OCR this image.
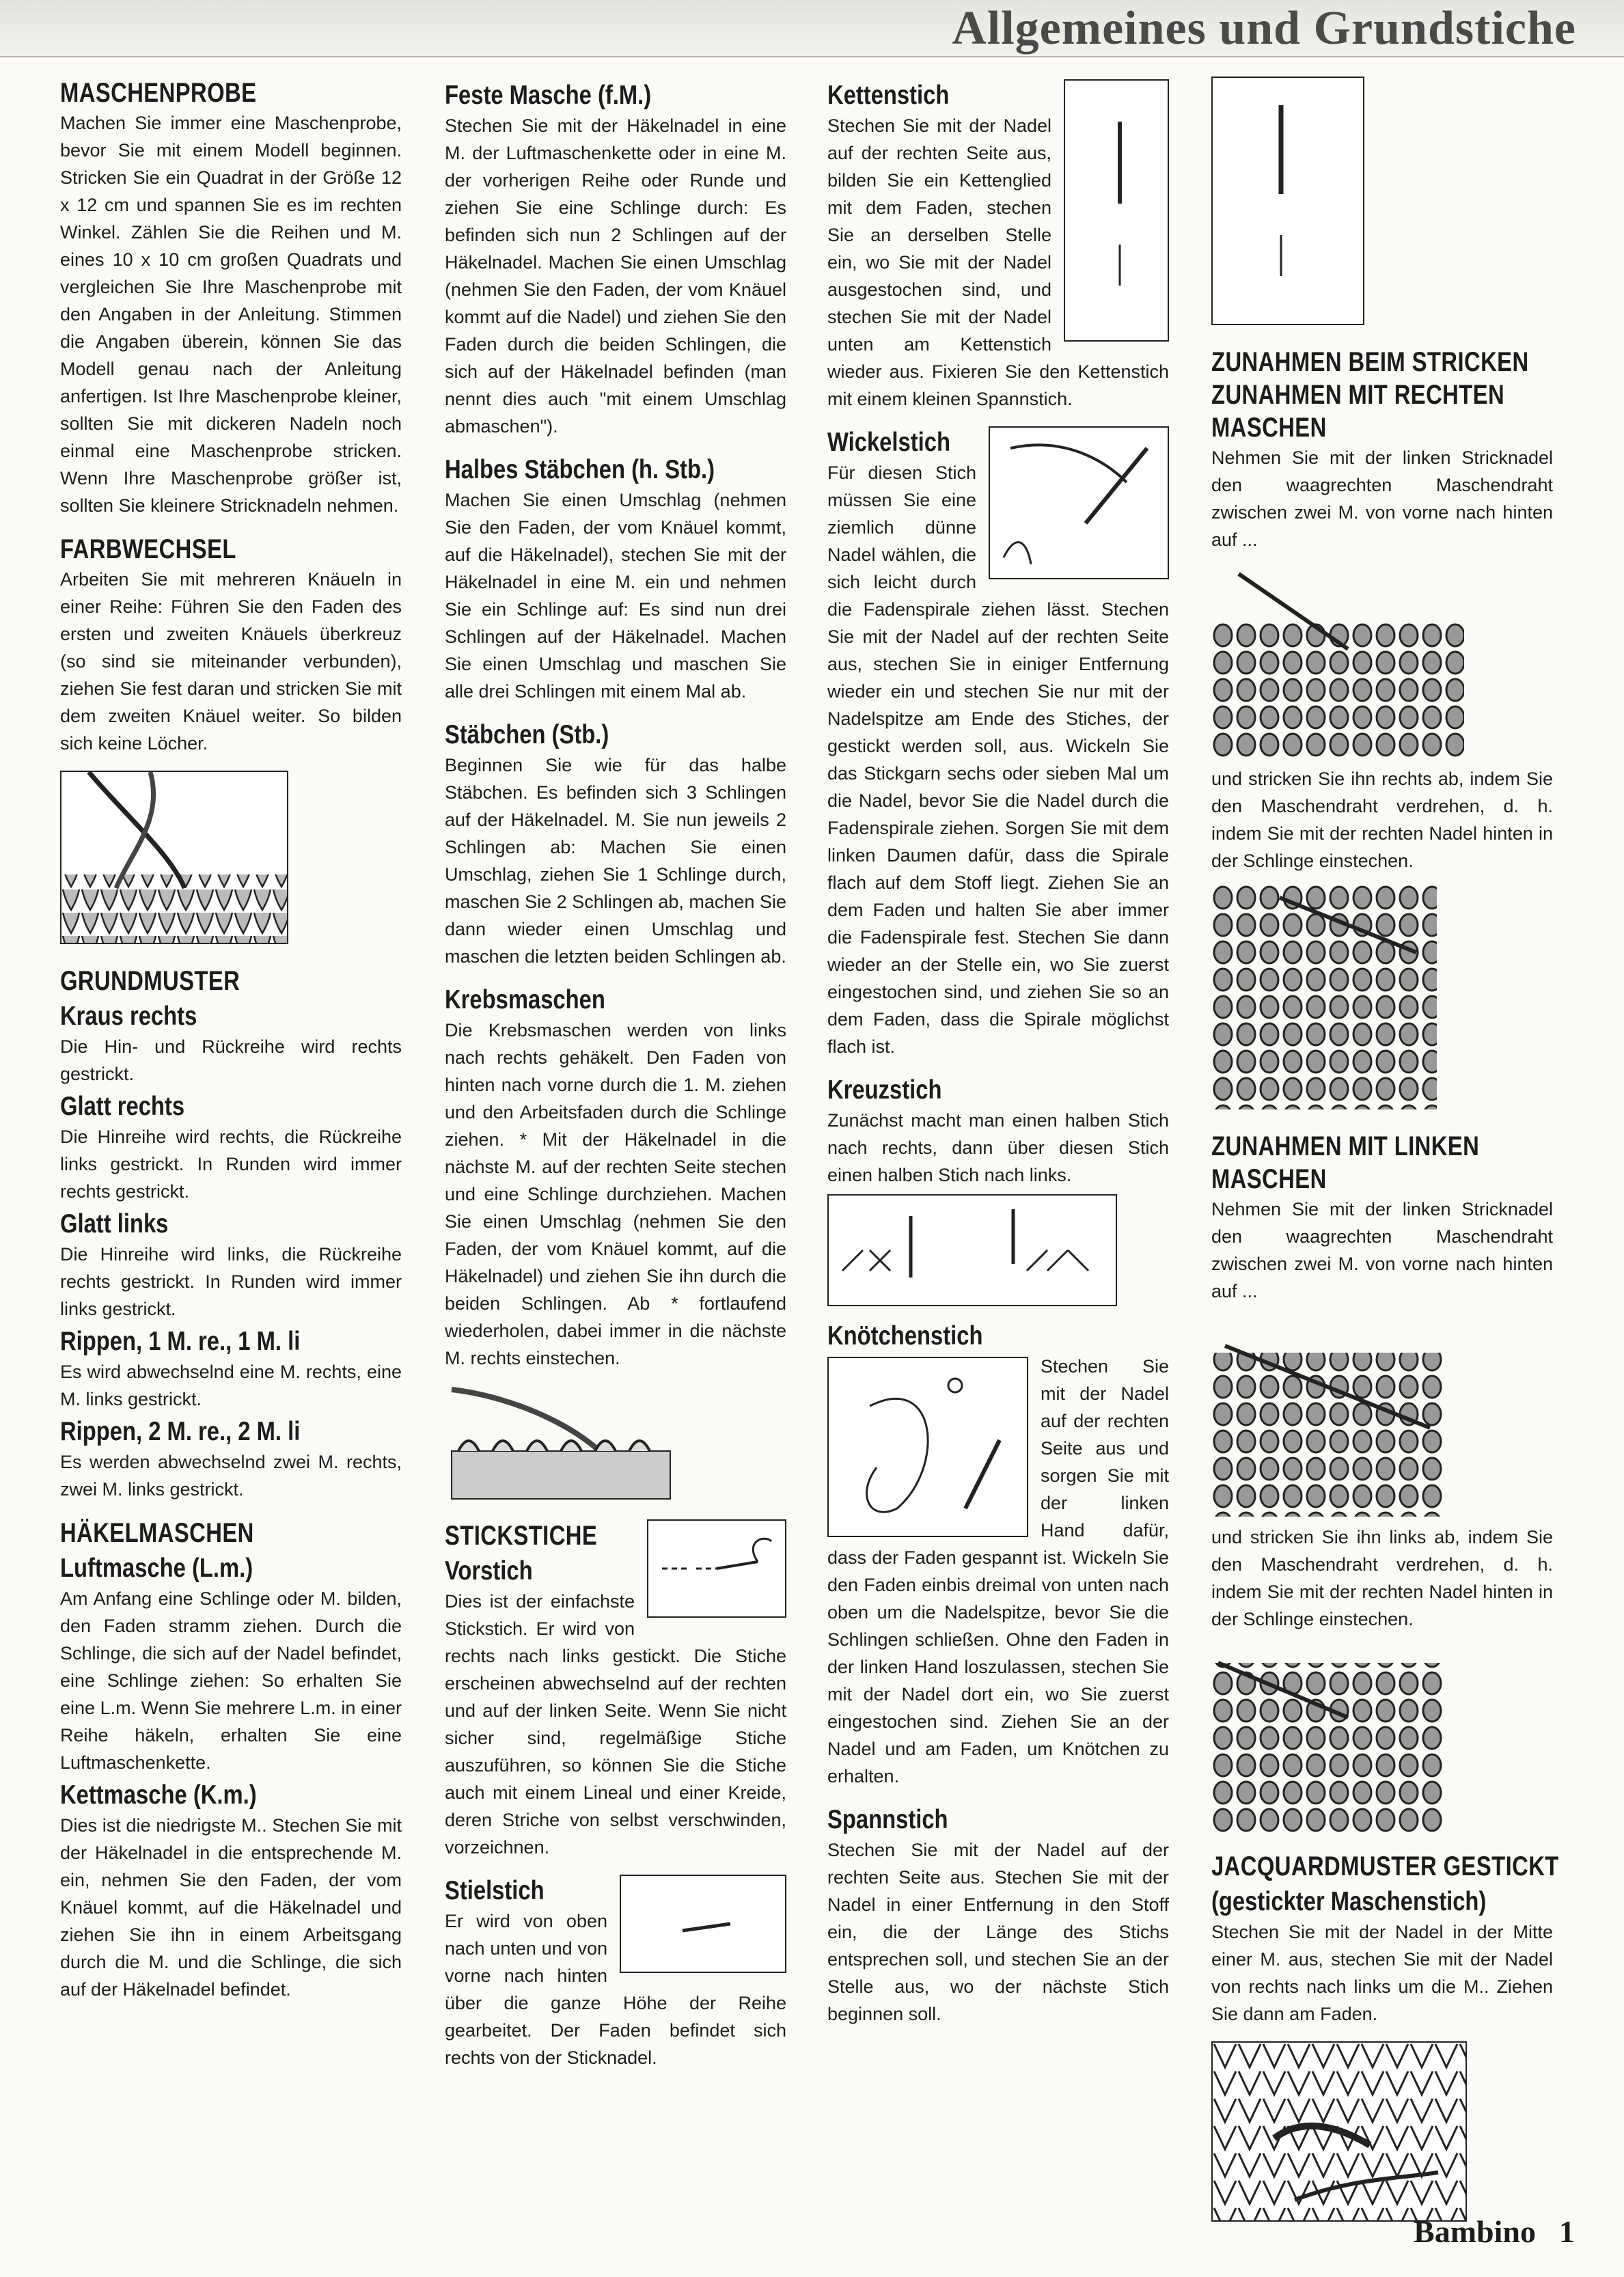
Allgemeines und Grundstiche
MASCHENPROBE

Machen Sie immer eine Maschenprobe, bevor Sie mit einem Modell beginnen. Stricken Sie ein Quadrat in der Größe 12 x 12 cm und spannen Sie es im rechten Winkel. Zählen Sie die Reihen und M. eines 10 x 10 cm großen Quadrats und vergleichen Sie Ihre Maschenprobe mit den Angaben in der Anleitung. Stimmen die Angaben überein, können Sie das Modell genau nach der Anleitung anfertigen. Ist Ihre Maschenprobe kleiner, sollten Sie mit dickeren Nadeln noch einmal eine Maschenprobe stricken. Wenn Ihre Maschenprobe größer ist, sollten Sie kleinere Stricknadeln nehmen.

FARBWECHSEL

Arbeiten Sie mit mehreren Knäueln in einer Reihe: Führen Sie den Faden des ersten und zweiten Knäuels überkreuz (so sind sie miteinander verbunden), ziehen Sie fest daran und stricken Sie mit dem zweiten Knäuel weiter. So bilden sich keine Löcher.

GRUNDMUSTER
Kraus rechts

Die Hin- und Rückreihe wird rechts gestrickt.

Glatt rechts

Die Hinreihe wird rechts, die Rückreihe links gestrickt. In Runden wird immer rechts gestrickt.

Glatt links

Die Hinreihe wird links, die Rückreihe rechts gestrickt. In Runden wird immer links gestrickt.

Rippen, 1 M. re., 1 M. li

Es wird abwechselnd eine M. rechts, eine M. links gestrickt.

Rippen, 2 M. re., 2 M. li

Es werden abwechselnd zwei M. rechts, zwei M. links gestrickt.

HÄKELMASCHEN
Luftmasche (L.m.)

Am Anfang eine Schlinge oder M. bilden, den Faden stramm ziehen. Durch die Schlinge, die sich auf der Nadel befindet, eine Schlinge ziehen: So erhalten Sie eine L.m. Wenn Sie mehrere L.m. in einer Reihe häkeln, erhalten Sie eine Luftmaschenkette.

Kettmasche (K.m.)

Dies ist die niedrigste M.. Stechen Sie mit der Häkelnadel in die entsprechende M. ein, nehmen Sie den Faden, der vom Knäuel kommt, auf die Häkelnadel und ziehen Sie ihn in einem Arbeitsgang durch die M. und die Schlinge, die sich auf der Häkelnadel befindet.

Feste Masche (f.M.)

Stechen Sie mit der Häkelnadel in eine M. der Luftmaschenkette oder in eine M. der vorherigen Reihe oder Runde und ziehen Sie eine Schlinge durch: Es befinden sich nun 2 Schlingen auf der Häkelnadel. Machen Sie einen Umschlag (nehmen Sie den Faden, der vom Knäuel kommt auf die Nadel) und ziehen Sie den Faden durch die beiden Schlingen, die sich auf der Häkelnadel befinden (man nennt dies auch "mit einem Umschlag abmaschen").

Halbes Stäbchen (h. Stb.)

Machen Sie einen Umschlag (nehmen Sie den Faden, der vom Knäuel kommt, auf die Häkelnadel), stechen Sie mit der Häkelnadel in eine M. ein und nehmen Sie ein Schlinge auf: Es sind nun drei Schlingen auf der Häkelnadel. Machen Sie einen Umschlag und maschen Sie alle drei Schlingen mit einem Mal ab.

Stäbchen (Stb.)

Beginnen Sie wie für das halbe Stäbchen. Es befinden sich 3 Schlingen auf der Häkelnadel. M. Sie nun jeweils 2 Schlingen ab: Machen Sie einen Umschlag, ziehen Sie 1 Schlinge durch, maschen Sie 2 Schlingen ab, machen Sie dann wieder einen Umschlag und maschen die letzten beiden Schlingen ab.

Krebsmaschen

Die Krebsmaschen werden von links nach rechts gehäkelt. Den Faden von hinten nach vorne durch die 1. M. ziehen und den Arbeitsfaden durch die Schlinge ziehen. * Mit der Häkelnadel in die nächste M. auf der rechten Seite stechen und eine Schlinge durchziehen. Machen Sie einen Umschlag (nehmen Sie den Faden, der vom Knäuel kommt, auf die Häkelnadel) und ziehen Sie ihn durch die beiden Schlingen. Ab * fortlaufend wiederholen, dabei immer in die nächste M. rechts einstechen.

STICKSTICHE
Vorstich

Dies ist der einfachste Stickstich. Er wird von rechts nach links gestickt. Die Stiche erscheinen abwechselnd auf der rechten und auf der linken Seite. Wenn Sie nicht sicher sind, regelmäßige Stiche auszuführen, so können Sie die Stiche auch mit einem Lineal und einer Kreide, deren Striche von selbst verschwinden, vorzeichnen.

Stielstich

Er wird von oben nach unten und von vorne nach hinten über die ganze Höhe der Reihe gearbeitet. Der Faden befindet sich rechts von der Sticknadel.

Kettenstich

Stechen Sie mit der Nadel auf der rechten Seite aus, bilden Sie ein Kettenglied mit dem Faden, stechen Sie an derselben Stelle ein, wo Sie mit der Nadel ausgestochen sind, und stechen Sie mit der Nadel unten am Kettenstich wieder aus. Fixieren Sie den Kettenstich mit einem kleinen Spannstich.

Wickelstich

Für diesen Stich müssen Sie eine ziemlich dünne Nadel wählen, die sich leicht durch die Fadenspirale ziehen lässt. Stechen Sie mit der Nadel auf der rechten Seite aus, stechen Sie in einiger Entfernung wieder ein und stechen Sie nur mit der Nadelspitze am Ende des Stiches, der gestickt werden soll, aus. Wickeln Sie das Stickgarn sechs oder sieben Mal um die Nadel, bevor Sie die Nadel durch die Fadenspirale ziehen. Sorgen Sie mit dem linken Daumen dafür, dass die Spirale flach auf dem Stoff liegt. Ziehen Sie an dem Faden und halten Sie aber immer die Fadenspirale fest. Stechen Sie dann wieder an der Stelle ein, wo Sie zuerst eingestochen sind, und ziehen Sie so an dem Faden, dass die Spirale möglichst flach ist.

Kreuzstich

Zunächst macht man einen halben Stich nach rechts, dann über diesen Stich einen halben Stich nach links.

Knötchenstich

Stechen Sie mit der Nadel auf der rechten Seite aus und sorgen Sie mit der linken Hand dafür, dass der Faden gespannt ist. Wickeln Sie den Faden einbis dreimal von unten nach oben um die Nadelspitze, bevor Sie die Schlingen schließen. Ohne den Faden in der linken Hand loszulassen, stechen Sie mit der Nadel dort ein, wo Sie zuerst eingestochen sind. Ziehen Sie an der Nadel und am Faden, um Knötchen zu erhalten.

Spannstich

Stechen Sie mit der Nadel auf der rechten Seite aus. Stechen Sie mit der Nadel in einer Entfernung in den Stoff ein, die der Länge des Stichs entsprechen soll, und stechen Sie an der Stelle aus, wo der nächste Stich beginnen soll.

ZUNAHMEN BEIM STRICKEN
ZUNAHMEN MIT RECHTEN MASCHEN

Nehmen Sie mit der linken Stricknadel den waagrechten Maschendraht zwischen zwei M. von vorne nach hinten auf ...

und stricken Sie ihn rechts ab, indem Sie den Maschendraht verdrehen, d. h. indem Sie mit der rechten Nadel hinten in der Schlinge einstechen.

ZUNAHMEN MIT LINKEN MASCHEN

Nehmen Sie mit der linken Stricknadel den waagrechten Maschendraht zwischen zwei M. von vorne nach hinten auf ...

und stricken Sie ihn links ab, indem Sie den Maschendraht verdrehen, d. h. indem Sie mit der rechten Nadel hinten in der Schlinge einstechen.

JACQUARDMUSTER GESTICKT
(gestickter Maschenstich)

Stechen Sie mit der Nadel in der Mitte einer M. aus, stechen Sie mit der Nadel von rechts nach links um die M.. Ziehen Sie dann am Faden.

Bambino 1
